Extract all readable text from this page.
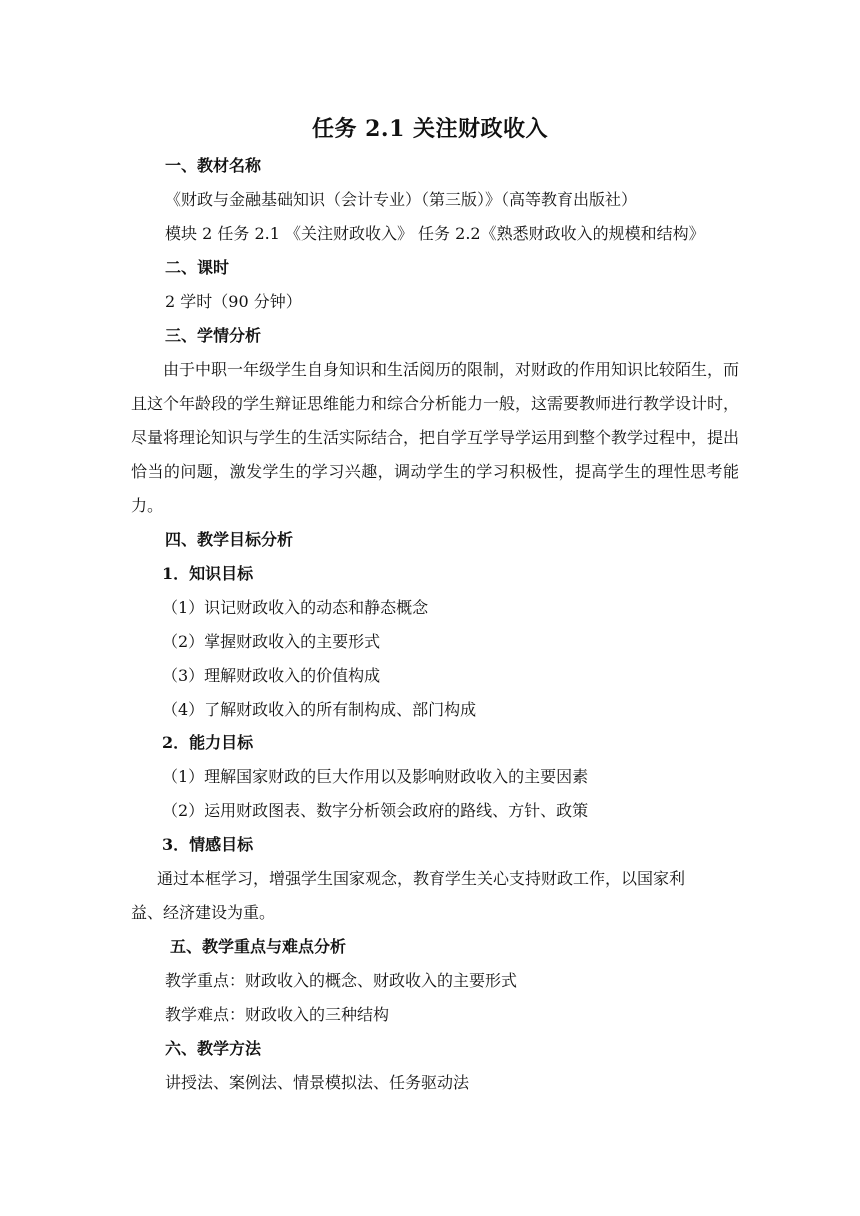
任务 2.1 关注财政收入
一、教材名称
《财政与金融基础知识（会计专业）（第三版）》（高等教育出版社）
模块 2 任务 2.1 《关注财政收入》 任务 2.2《熟悉财政收入的规模和结构》
二、课时
2 学时（90 分钟）
三、学情分析

由于中职一年级学生自身知识和生活阅历的限制，对财政的作用知识比较陌生，而且这个年龄段的学生辩证思维能力和综合分析能力一般，这需要教师进行教学设计时，尽量将理论知识与学生的生活实际结合，把自学互学导学运用到整个教学过程中，提出恰当的问题，激发学生的学习兴趣，调动学生的学习积极性，提高学生的理性思考能力。

四、教学目标分析
1．知识目标
（1）识记财政收入的动态和静态概念
（2）掌握财政收入的主要形式
（3）理解财政收入的价值构成
（4）了解财政收入的所有制构成、部门构成
2．能力目标
（1）理解国家财政的巨大作用以及影响财政收入的主要因素
（2）运用财政图表、数字分析领会政府的路线、方针、政策
3．情感目标
通过本框学习，增强学生国家观念，教育学生关心支持财政工作，以国家利
益、经济建设为重。
五、教学重点与难点分析
教学重点：财政收入的概念、财政收入的主要形式
教学难点：财政收入的三种结构
六、教学方法
讲授法、案例法、情景模拟法、任务驱动法
